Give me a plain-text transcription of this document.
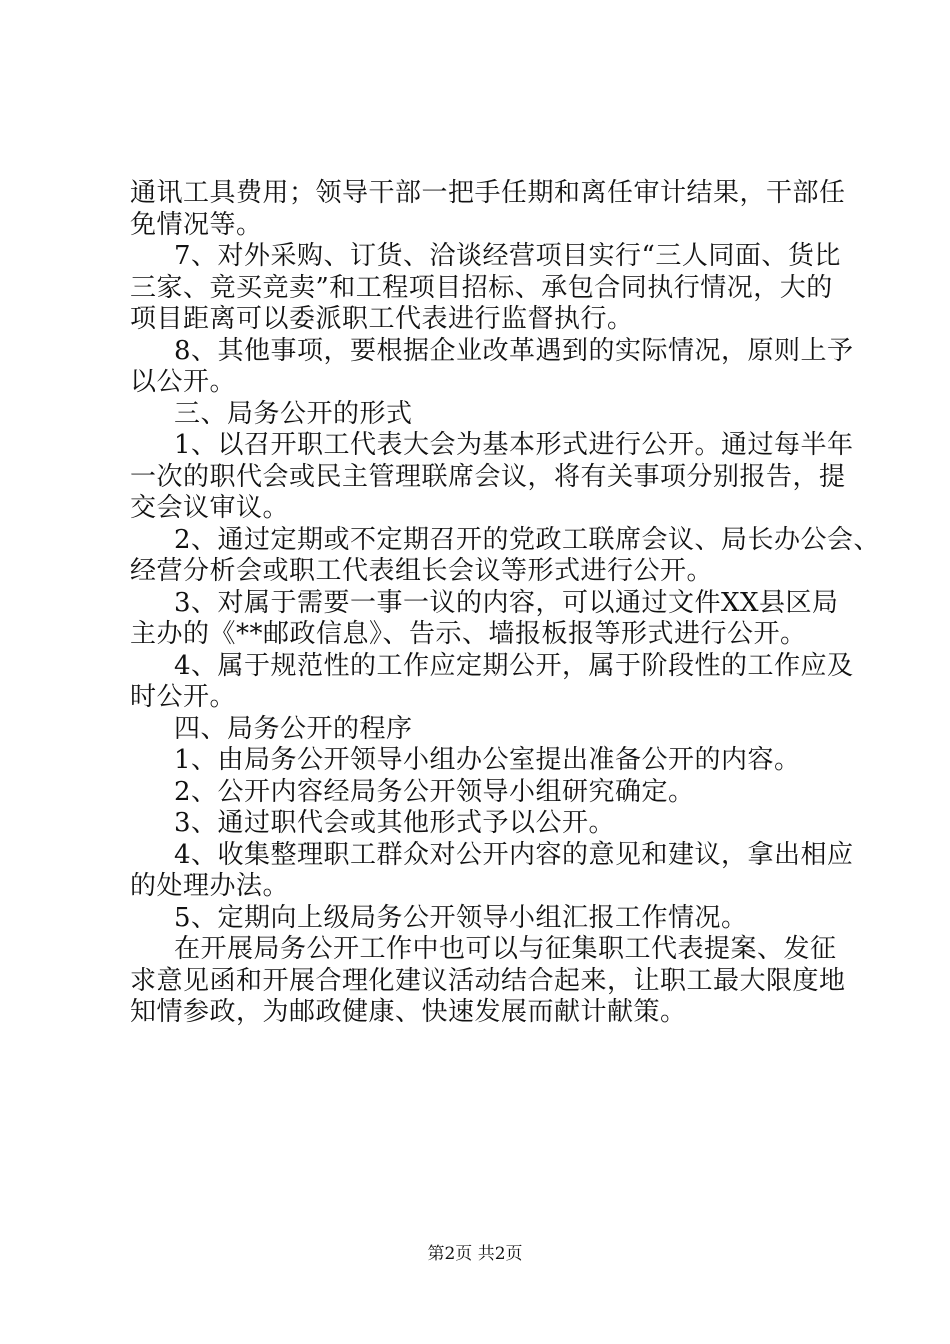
通讯工具费用；领导干部一把手任期和离任审计结果，干部任
免情况等。
7、对外采购、订货、洽谈经营项目实行“三人同面、货比
三家、竞买竞卖”和工程项目招标、承包合同执行情况，大的
项目距离可以委派职工代表进行监督执行。
8、其他事项，要根据企业改革遇到的实际情况，原则上予
以公开。
三、局务公开的形式
1、以召开职工代表大会为基本形式进行公开。通过每半年
一次的职代会或民主管理联席会议，将有关事项分别报告，提
交会议审议。
2、通过定期或不定期召开的党政工联席会议、局长办公会、
经营分析会或职工代表组长会议等形式进行公开。
3、对属于需要一事一议的内容，可以通过文件XX县区局
主办的《**邮政信息》、告示、墙报板报等形式进行公开。
4、属于规范性的工作应定期公开，属于阶段性的工作应及
时公开。
四、局务公开的程序
1、由局务公开领导小组办公室提出准备公开的内容。
2、公开内容经局务公开领导小组研究确定。
3、通过职代会或其他形式予以公开。
4、收集整理职工群众对公开内容的意见和建议，拿出相应
的处理办法。
5、定期向上级局务公开领导小组汇报工作情况。
在开展局务公开工作中也可以与征集职工代表提案、发征
求意见函和开展合理化建议活动结合起来，让职工最大限度地
知情参政，为邮政健康、快速发展而献计献策。
第2页 共2页
